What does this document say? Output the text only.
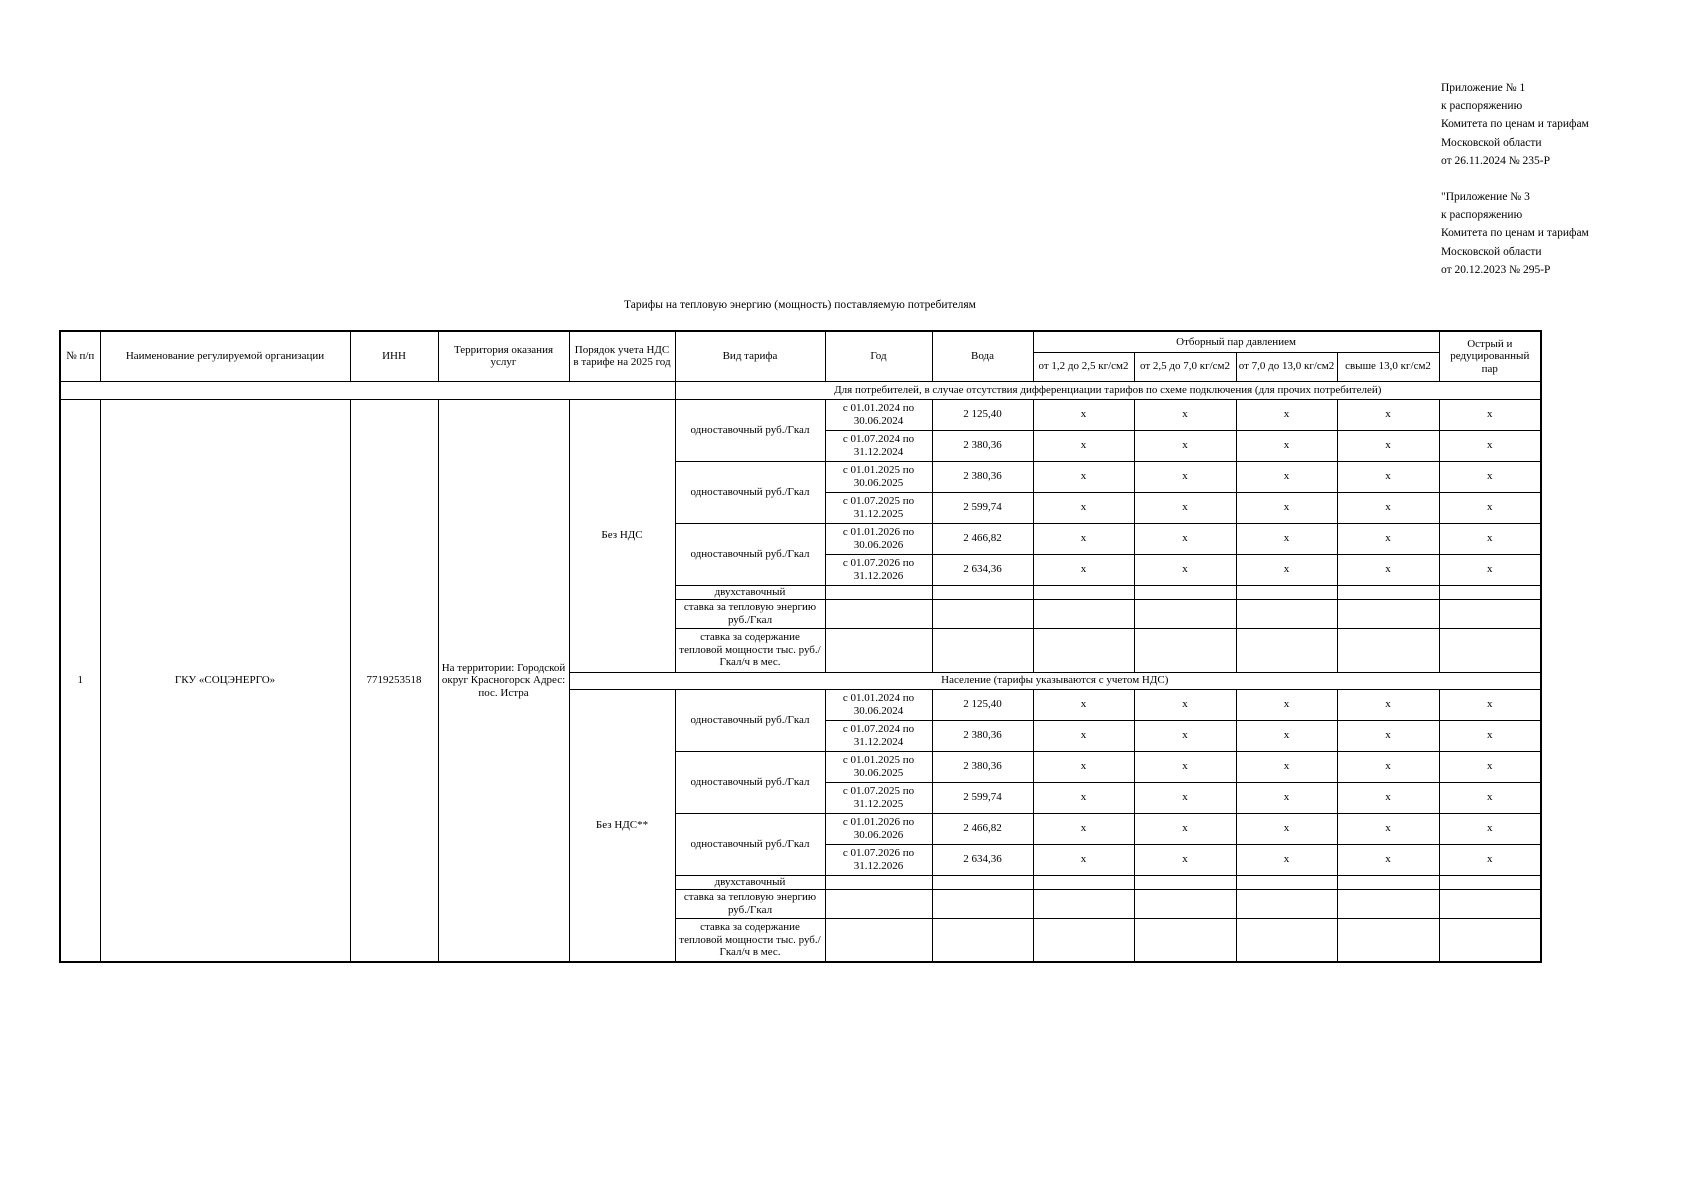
Приложение № 1
к распоряжению
Комитета по ценам и тарифам
Московской области
от 26.11.2024 № 235-Р
"Приложение № 3
к распоряжению
Комитета по ценам и тарифам
Московской области
от 20.12.2023 № 295-Р
Тарифы на тепловую энергию (мощность) поставляемую потребителям
№ п/п	Наименование регулируемой организации	ИНН	Территория оказания услуг	Порядок учета НДС в тарифе на 2025 год	Вид тарифа	Год	Вода	Отборный пар давлением				Острый и редуцированный пар
								от 1,2 до 2,5 кг/см2	от 2,5 до 7,0 кг/см2	от 7,0 до 13,0 кг/см2	свыше 13,0 кг/см2	
					Для потребителей, в случае отсутствия дифференциации тарифов по схеме подключения (для прочих потребителей)							
1	ГКУ «СОЦЭНЕРГО»	7719253518	На территории: Городской округ Красногорск Адрес: пос. Истра	Без НДС	одноставочный руб./Гкал	с 01.01.2024 по 30.06.2024	2 125,40	х	х	х	х	х
						с 01.07.2024 по 31.12.2024	2 380,36	х	х	х	х	х
					одноставочный руб./Гкал	с 01.01.2025 по 30.06.2025	2 380,36	х	х	х	х	х
						с 01.07.2025 по 31.12.2025	2 599,74	х	х	х	х	х
					одноставочный руб./Гкал	с 01.01.2026 по 30.06.2026	2 466,82	х	х	х	х	х
						с 01.07.2026 по 31.12.2026	2 634,36	х	х	х	х	х
					двухставочный							
					ставка за тепловую энергию руб./Гкал							
					ставка за содержание тепловой мощности тыс. руб./Гкал/ч в мес.							
				Население (тарифы указываются с учетом НДС)								
				Без НДС**	одноставочный руб./Гкал	с 01.01.2024 по 30.06.2024	2 125,40	х	х	х	х	х
						с 01.07.2024 по 31.12.2024	2 380,36	х	х	х	х	х
					одноставочный руб./Гкал	с 01.01.2025 по 30.06.2025	2 380,36	х	х	х	х	х
						с 01.07.2025 по 31.12.2025	2 599,74	х	х	х	х	х
					одноставочный руб./Гкал	с 01.01.2026 по 30.06.2026	2 466,82	х	х	х	х	х
						с 01.07.2026 по 31.12.2026	2 634,36	х	х	х	х	х
					двухставочный							
					ставка за тепловую энергию руб./Гкал							
					ставка за содержание тепловой мощности тыс. руб./Гкал/ч в мес.							
